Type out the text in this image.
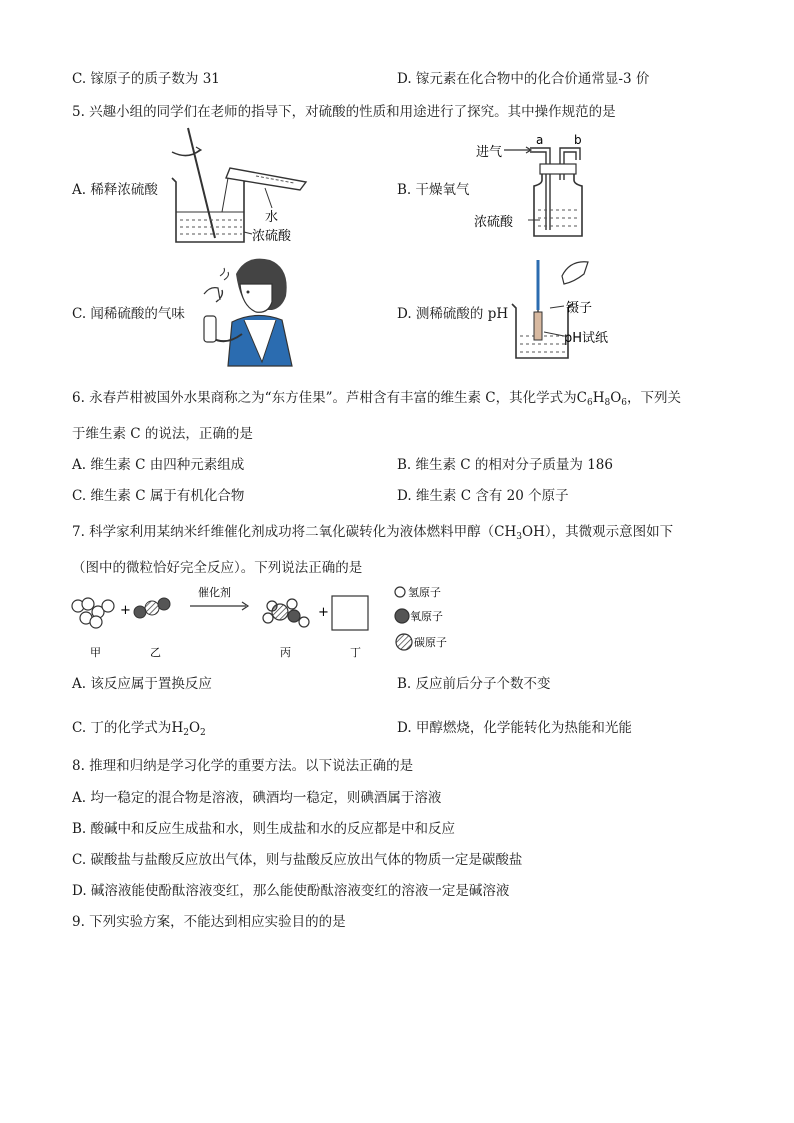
C. 镓原子的质子数为 31	D. 镓元素在化合物中的化合价通常显-3 价
5. 兴趣小组的同学们在老师的指导下，对硫酸的性质和用途进行了探究。其中操作规范的是
A. 稀释浓硫酸
水
浓硫酸
B. 干燥氧气
进气
a	b
浓硫酸
C. 闻稀硫酸的气味	D. 测稀硫酸的 pH	镊子
pH试纸
6. 永春芦柑被国外水果商称之为“东方佳果”。芦柑含有丰富的维生素 C，其化学式为$C_6H_8O_6$，下列关
于维生素 C 的说法，正确的是
A. 维生素 C 由四种元素组成	B. 维生素 C 的相对分子质量为 186
C. 维生素 C 属于有机化合物	D. 维生素 C 含有 20 个原子
7. 科学家利用某纳米纤维催化剂成功将二氧化碳转化为液体燃料甲醇$(CH_3OH)$，其微观示意图如下
（图中的微粒恰好完全反应）。下列说法正确的是
+
催化剂
+
甲	乙	丙	丁
氢原子
氧原子
碳原子
A. 该反应属于置换反应	B. 反应前后分子个数不变
C. 丁的化学式为$H_2O_2$	D. 甲醇燃烧，化学能转化为热能和光能
8. 推理和归纳是学习化学的重要方法。以下说法正确的是
A. 均一稳定的混合物是溶液，碘酒均一稳定，则碘酒属于溶液
B. 酸碱中和反应生成盐和水，则生成盐和水的反应都是中和反应
C. 碳酸盐与盐酸反应放出气体，则与盐酸反应放出气体的物质一定是碳酸盐
D. 碱溶液能使酚酞溶液变红，那么能使酚酞溶液变红的溶液一定是碱溶液
9. 下列实验方案，不能达到相应实验目的的是
